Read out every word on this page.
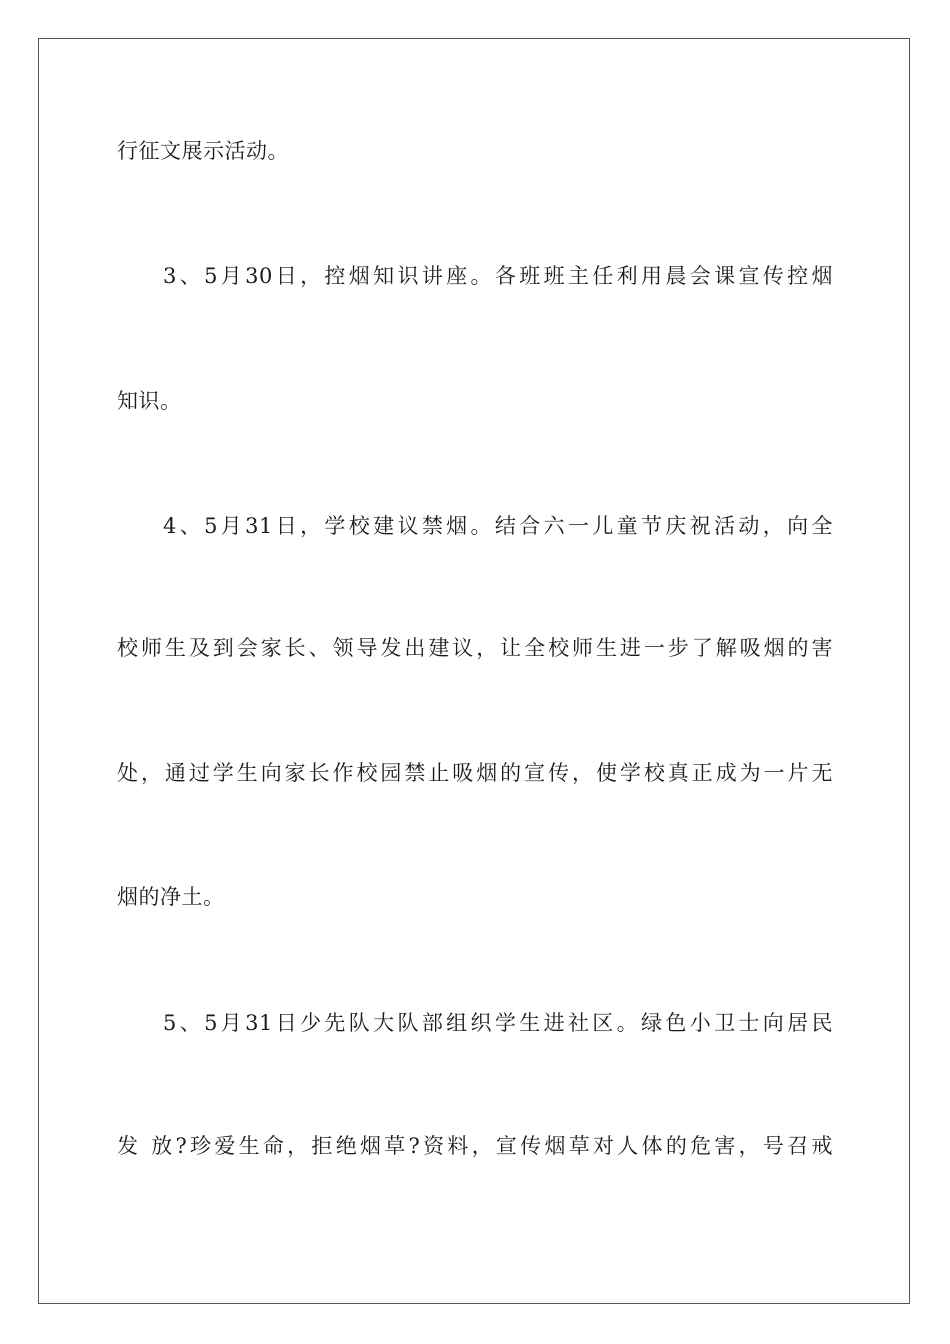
行征文展示活动。
3、5月30日，控烟知识讲座。各班班主任利用晨会课宣传控烟
知识。
4、5月31日，学校建议禁烟。结合六一儿童节庆祝活动，向全
校师生及到会家长、领导发出建议，让全校师生进一步了解吸烟的害
处，通过学生向家长作校园禁止吸烟的宣传，使学校真正成为一片无
烟的净土。
5、5月31日少先队大队部组织学生进社区。绿色小卫士向居民
发 放?珍爱生命，拒绝烟草?资料，宣传烟草对人体的危害，号召戒
